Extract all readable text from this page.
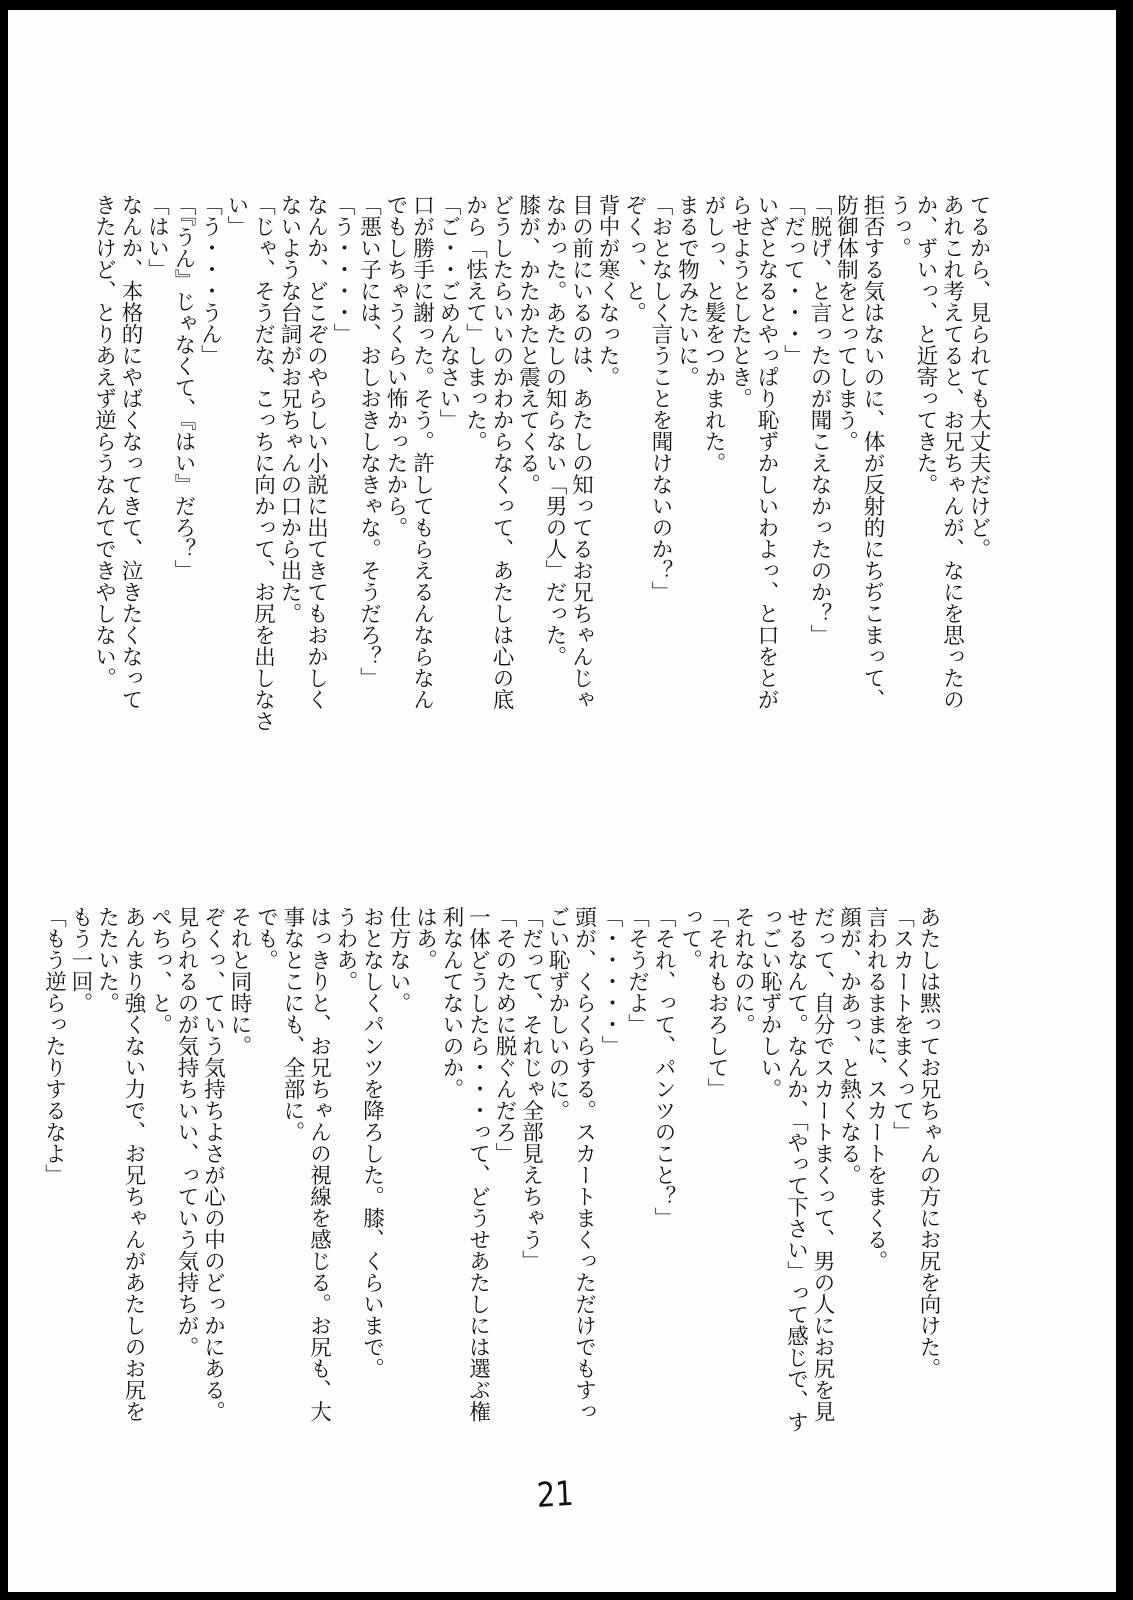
てるから、見られても大丈夫だけど。
あれこれ考えてると、お兄ちゃんが、なにを思ったの
か、ずいっ、と近寄ってきた。
うっ。
拒否する気はないのに、体が反射的にちぢこまって、
防御体制をとってしまう。
「脱げ、と言ったのが聞こえなかったのか？」
「だって・・・」
いざとなるとやっぱり恥ずかしいわよっ、と口をとが
らせようとしたとき。
がしっ、と髪をつかまれた。
まるで物みたいに。
「おとなしく言うことを聞けないのか？」
ぞくっ、と。
背中が寒くなった。
目の前にいるのは、あたしの知ってるお兄ちゃんじゃ
なかった。あたしの知らない「男の人」だった。
膝が、かたかたと震えてくる。
どうしたらいいのかわからなくって、あたしは心の底
から「怯えて」しまった。
「ご・・ごめんなさい」
口が勝手に謝った。そう。許してもらえるんならなん
でもしちゃうくらい怖かったから。
「悪い子には、おしおきしなきゃな。そうだろ？」
「う・・・・」
なんか、どこぞのやらしい小説に出てきてもおかしく
ないような台詞がお兄ちゃんの口から出た。
「じゃ、そうだな、こっちに向かって、お尻を出しなさ
い」
「う・・・うん」
「『うん』じゃなくて、『はい』だろ？」
「はい」
なんか、本格的にやばくなってきて、泣きたくなって
きたけど、とりあえず逆らうなんてできやしない。
あたしは黙ってお兄ちゃんの方にお尻を向けた。
「スカートをまくって」
言われるままに、スカートをまくる。
顔が、かあっ、と熱くなる。
だって、自分でスカートまくって、男の人にお尻を見
せるなんて。なんか、「やって下さい」って感じで、す
っごい恥ずかしい。
それなのに。
「それもおろして」
って。
「それ、って、パンツのこと？」
「そうだよ」
「・・・・・」
頭が、くらくらする。スカートまくっただけでもすっ
ごい恥ずかしいのに。
「だって、それじゃ全部見えちゃう」
「そのために脱ぐんだろ」
一体どうしたら・・・って、どうせあたしには選ぶ権
利なんてないのか。
はあ。
仕方ない。
おとなしくパンツを降ろした。膝、くらいまで。
うわあ。
はっきりと、お兄ちゃんの視線を感じる。お尻も、大
事なとこにも、全部に。
でも。
それと同時に。
ぞくっ、ていう気持ちよさが心の中のどっかにある。
見られるのが気持ちいい、っていう気持ちが。
ぺちっ、と。
あんまり強くない力で、お兄ちゃんがあたしのお尻を
たたいた。
もう一回。
「もう逆らったりするなよ」
21
